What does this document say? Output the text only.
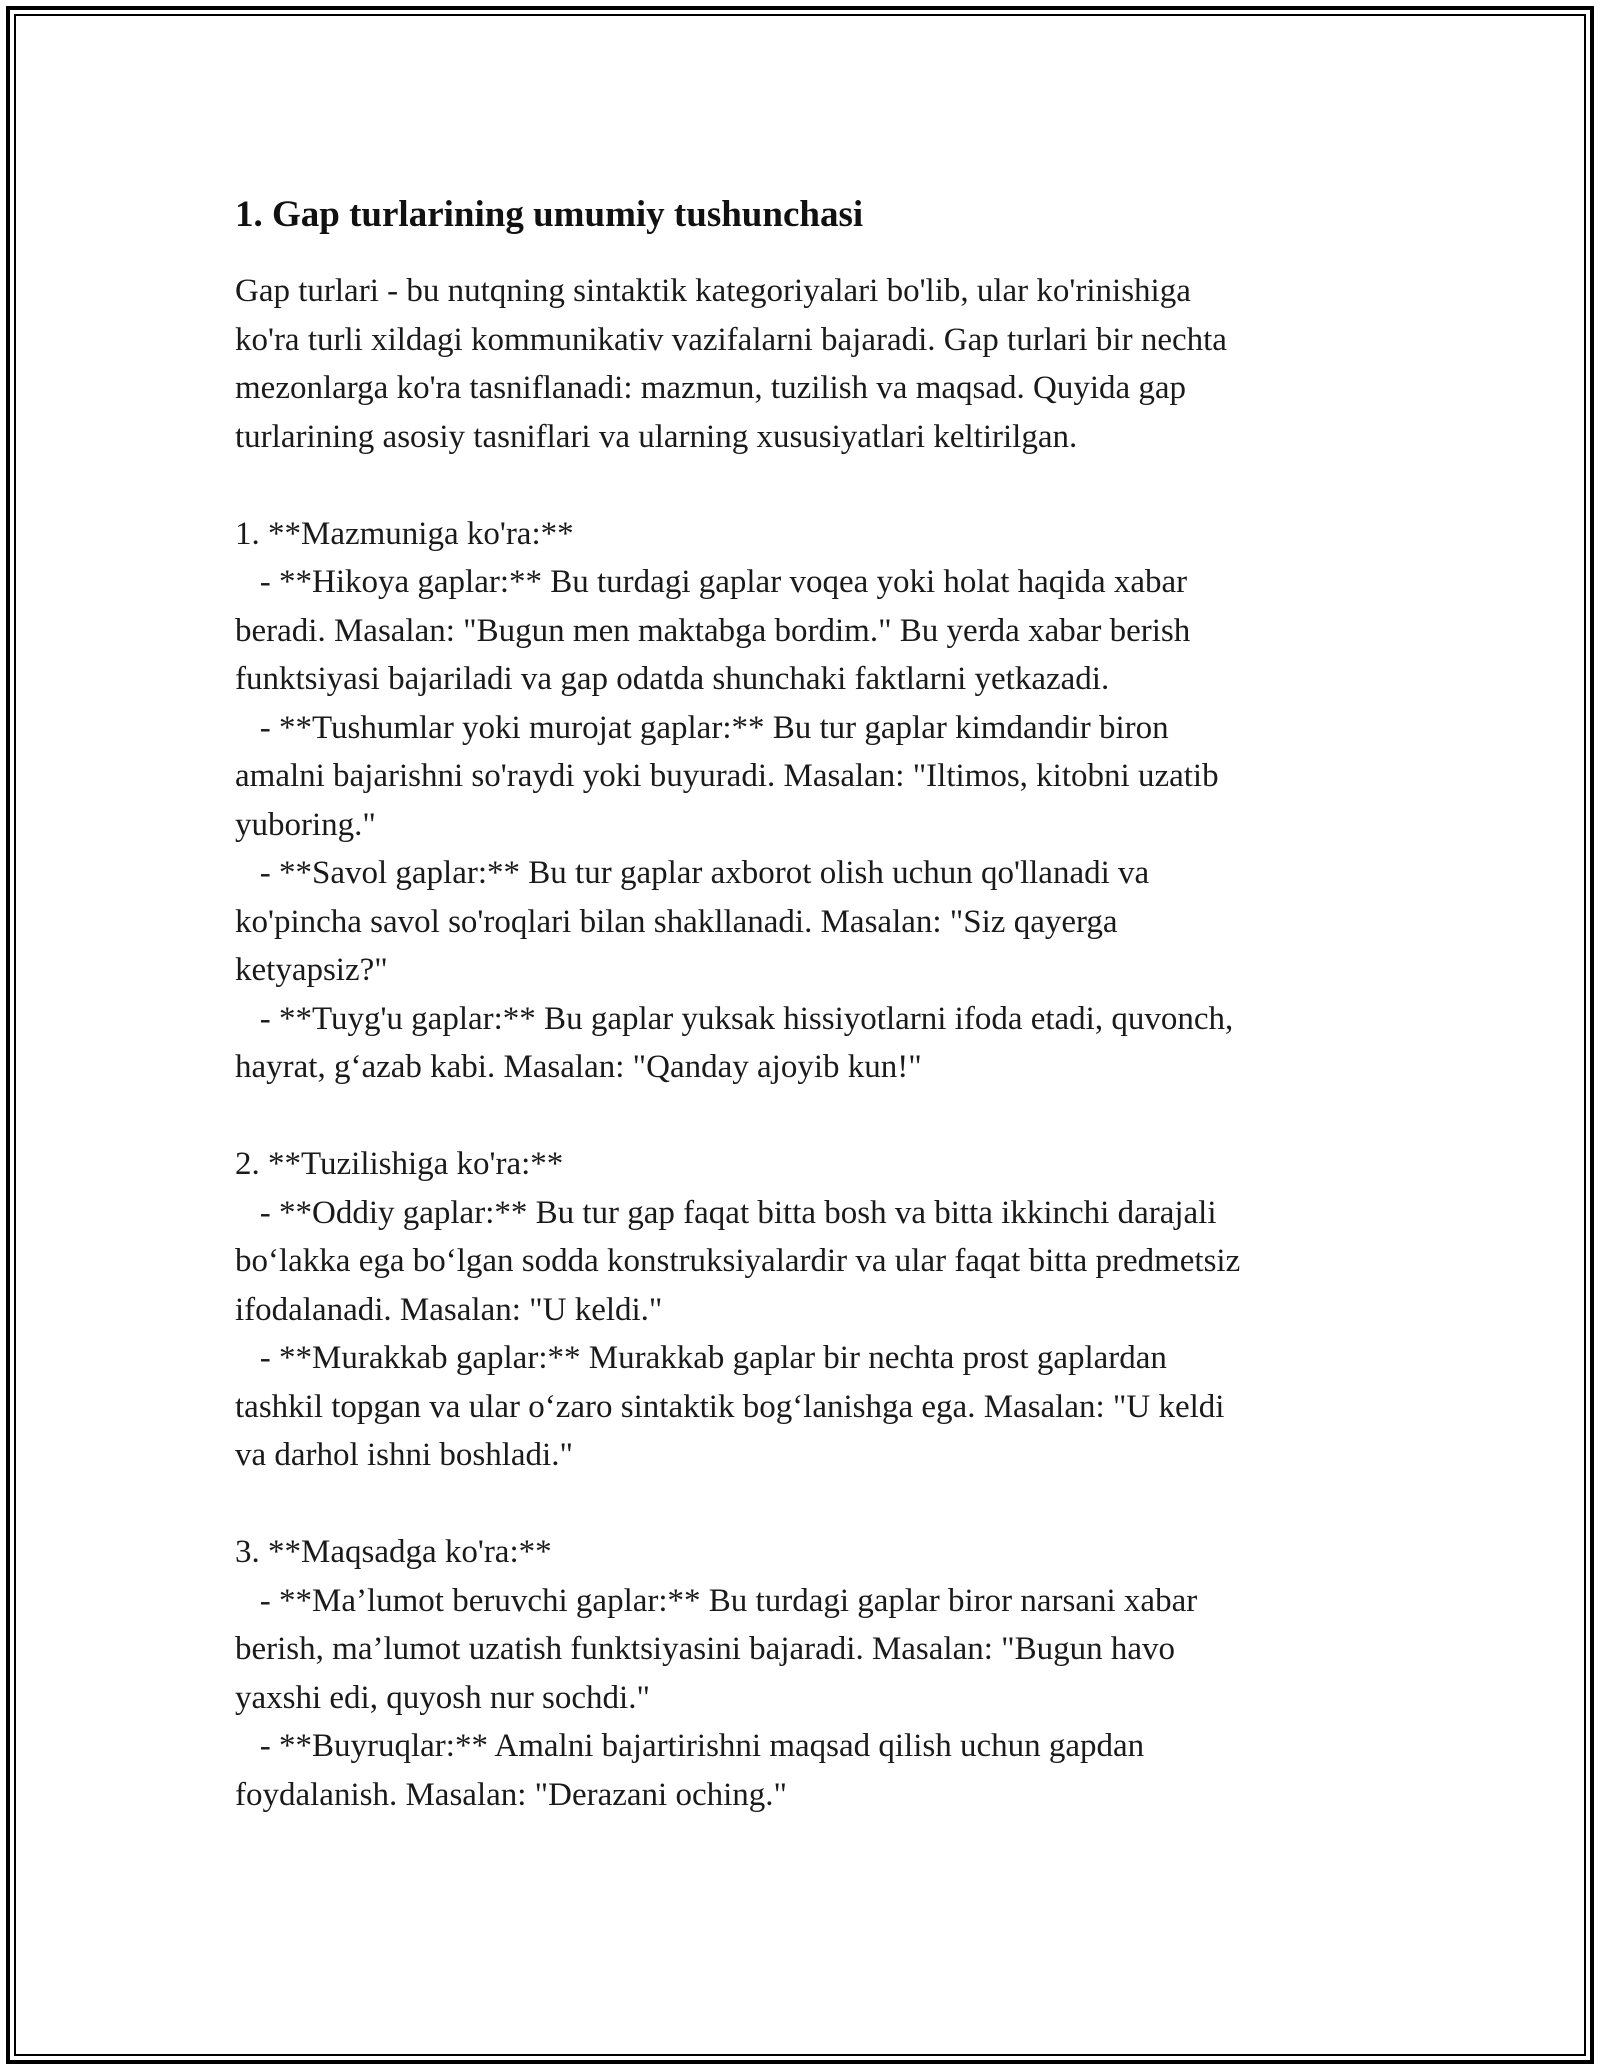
1. Gap turlarining umumiy tushunchasi

Gap turlari - bu nutqning sintaktik kategoriyalari bo'lib, ular ko'rinishiga
ko'ra turli xildagi kommunikativ vazifalarni bajaradi. Gap turlari bir nechta
mezonlarga ko'ra tasniflanadi: mazmun, tuzilish va maqsad. Quyida gap
turlarining asosiy tasniflari va ularning xususiyatlari keltirilgan.

1. **Mazmuniga ko'ra:**

- **Hikoya gaplar:** Bu turdagi gaplar voqea yoki holat haqida xabar
beradi. Masalan: "Bugun men maktabga bordim." Bu yerda xabar berish
funktsiyasi bajariladi va gap odatda shunchaki faktlarni yetkazadi.

- **Tushumlar yoki murojat gaplar:** Bu tur gaplar kimdandir biron
amalni bajarishni so'raydi yoki buyuradi. Masalan: "Iltimos, kitobni uzatib
yuboring."

- **Savol gaplar:** Bu tur gaplar axborot olish uchun qo'llanadi va
ko'pincha savol so'roqlari bilan shakllanadi. Masalan: "Siz qayerga
ketyapsiz?"

- **Tuyg'u gaplar:** Bu gaplar yuksak hissiyotlarni ifoda etadi, quvonch,
hayrat, g‘azab kabi. Masalan: "Qanday ajoyib kun!"

2. **Tuzilishiga ko'ra:**

- **Oddiy gaplar:** Bu tur gap faqat bitta bosh va bitta ikkinchi darajali
bo‘lakka ega bo‘lgan sodda konstruksiyalardir va ular faqat bitta predmetsiz
ifodalanadi. Masalan: "U keldi."

- **Murakkab gaplar:** Murakkab gaplar bir nechta prost gaplardan
tashkil topgan va ular o‘zaro sintaktik bog‘lanishga ega. Masalan: "U keldi
va darhol ishni boshladi."

3. **Maqsadga ko'ra:**

- **Ma’lumot beruvchi gaplar:** Bu turdagi gaplar biror narsani xabar
berish, ma’lumot uzatish funktsiyasini bajaradi. Masalan: "Bugun havo
yaxshi edi, quyosh nur sochdi."

- **Buyruqlar:** Amalni bajartirishni maqsad qilish uchun gapdan
foydalanish. Masalan: "Derazani oching."
